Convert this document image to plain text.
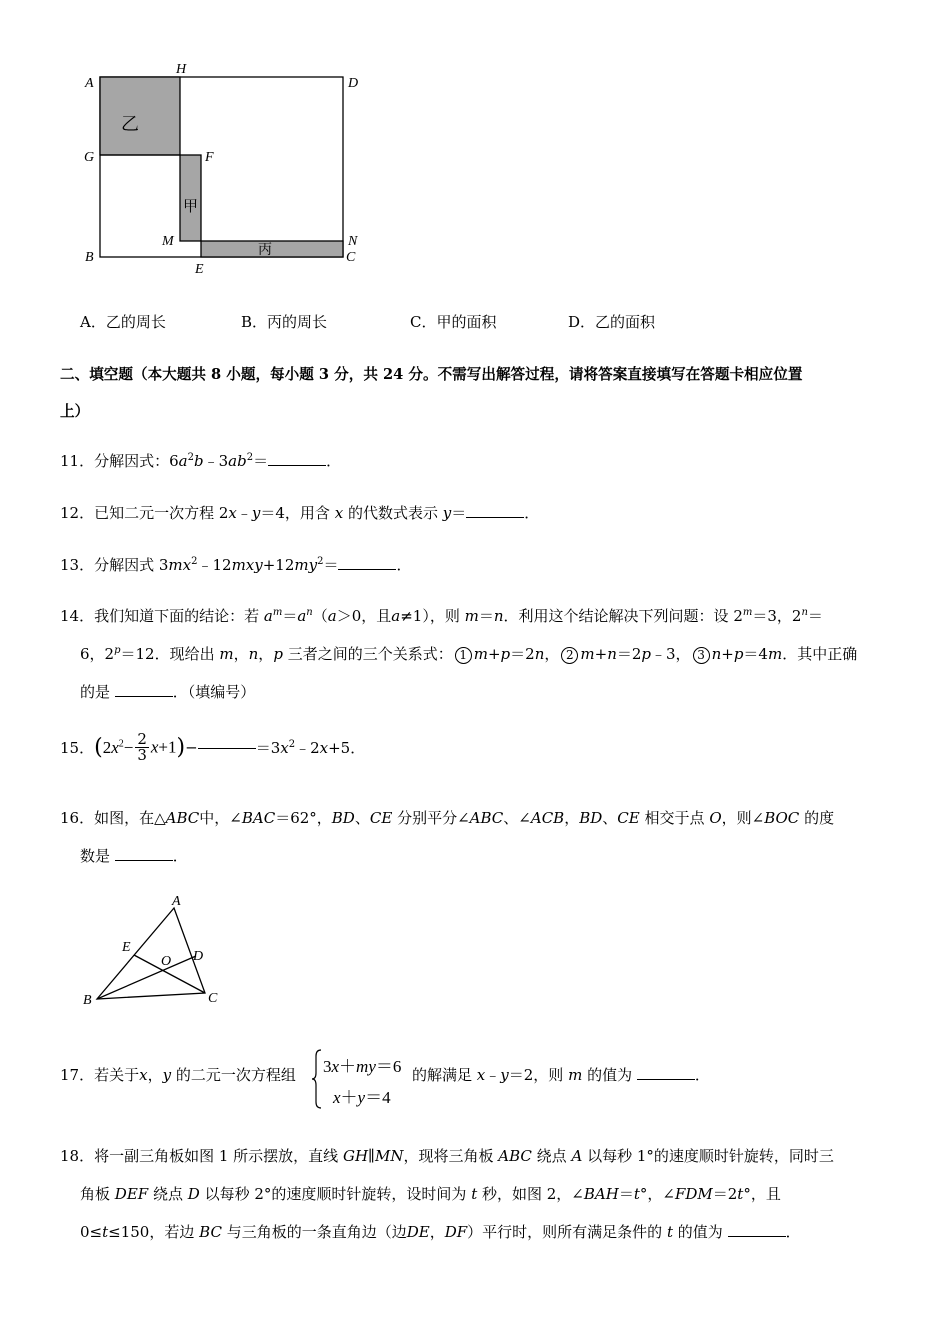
乙
甲
丙
A
H
D
G	F
M	N
B
E
C
A．乙的周长	B．丙的周长	C．甲的面积	D．乙的面积
二、填空题（本大题共 8 小题，每小题 3 分，共 24 分。不需写出解答过程，请将答案直接填写在答题卡相应位置
上）
11．分解因式：$6a^2b﹣3ab^2=$	．
12．已知二元一次方程 2x﹣y＝4，用含 x 的代数式表示 y＝	．
13．分解因式 $3mx^2﹣12mxy+12my^2=$	．
14．我们知道下面的结论：若 $a^m=a^n(a>0$，且a≠1），则 m＝n．利用这个结论解决下列问题：设 $2^m=3$，$2^n=$
6，$2^p=12$．现给出 m，n，p 三者之间的三个关系式： 1 m+p＝2n， 2 m+n＝2p﹣3， 3 n+p＝4m．其中正确
的是	．（填编号）
15．$(2x^2- \frac{2}{3} x+1)-$	$=3x^2﹣2x+5$．
16．如图，在△ABC中，∠BAC＝62°，BD、CE 分别平分∠ABC、∠ACB，BD、CE 相交于点 O，则∠BOC 的度
数是	．
A
E
O D
B	C
17．若关于x，y 的二元一次方程组 3x＋my＝6
x＋y＝4
的解满足 x﹣y＝2，则 m 的值为	．
18．将一副三角板如图 1 所示摆放，直线 GH∥MN，现将三角板 ABC 绕点 A 以每秒 1°的速度顺时针旋转，同时三
角板 DEF 绕点 D 以每秒 2°的速度顺时针旋转，设时间为 t 秒，如图 2，∠BAH＝t°，∠FDM＝2t°，且
0≤t≤150，若边 BC 与三角板的一条直角边（边DE，DF）平行时，则所有满足条件的 t 的值为	．
